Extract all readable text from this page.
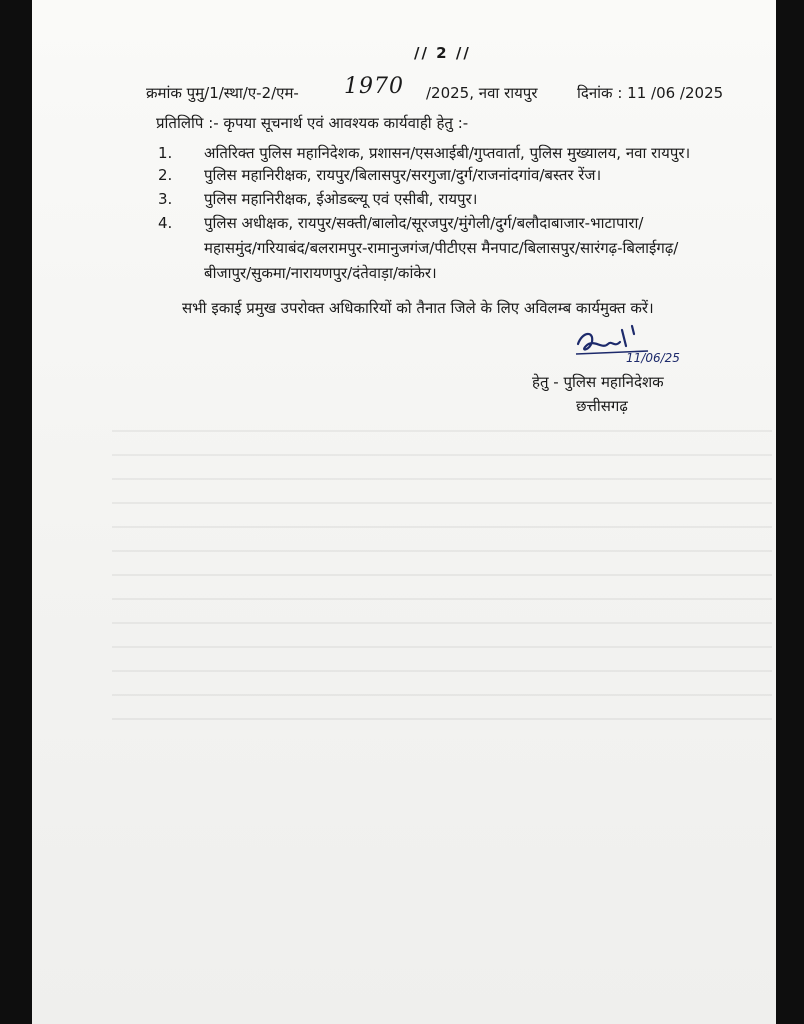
// 2 //
क्रमांक पुमु/1/स्था/ए-2/एम- 1970 /2025, नवा रायपुर	दिनांक : 11 /06 /2025
प्रतिलिपि :- कृपया सूचनार्थ एवं आवश्यक कार्यवाही हेतु :-
1. अतिरिक्त पुलिस महानिदेशक, प्रशासन/एसआईबी/गुप्तवार्ता, पुलिस मुख्यालय, नवा रायपुर।
2. पुलिस महानिरीक्षक, रायपुर/बिलासपुर/सरगुजा/दुर्ग/राजनांदगांव/बस्तर रेंज।
3. पुलिस महानिरीक्षक, ईओडब्ल्यू एवं एसीबी, रायपुर।
4. पुलिस अधीक्षक, रायपुर/सक्ती/बालोद/सूरजपुर/मुंगेली/दुर्ग/बलौदाबाजार-भाटापारा/
महासमुंद/गरियाबंद/बलरामपुर-रामानुजगंज/पीटीएस मैनपाट/बिलासपुर/सारंगढ़-बिलाईगढ़/
बीजापुर/सुकमा/नारायणपुर/दंतेवाड़ा/कांकेर।
सभी इकाई प्रमुख उपरोक्त अधिकारियों को तैनात जिले के लिए अविलम्ब कार्यमुक्त करें।
11/06/25
हेतु - पुलिस महानिदेशक
छत्तीसगढ़
